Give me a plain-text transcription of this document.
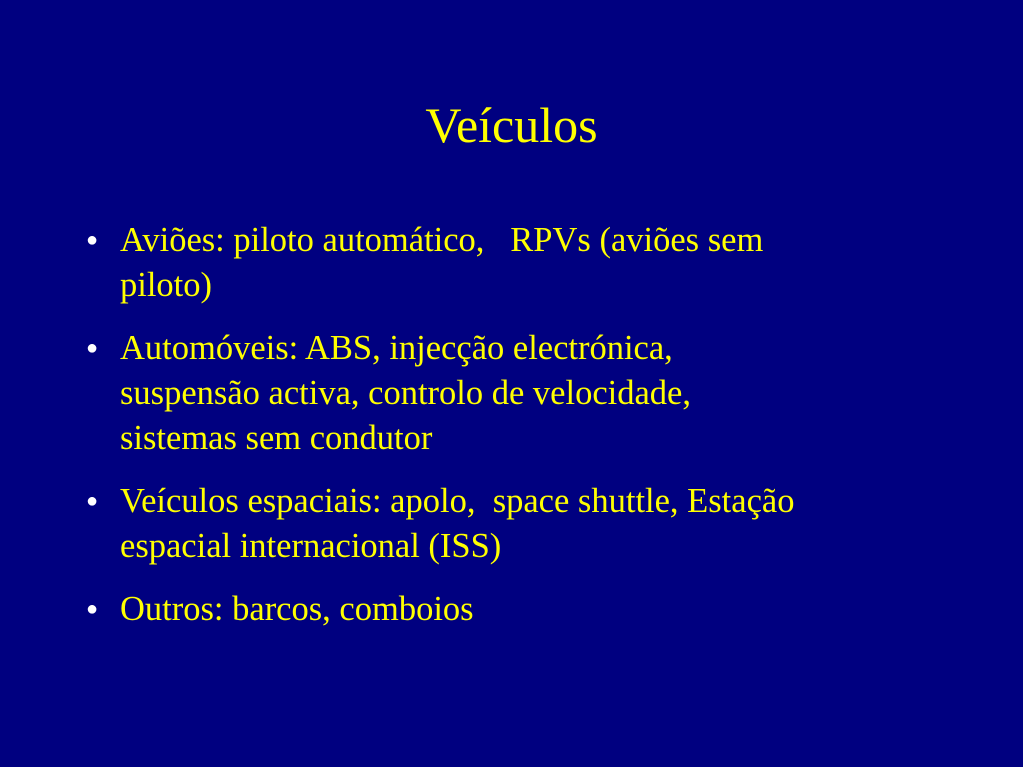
Veículos
● Aviões: piloto automático,   RPVs (aviões sem
piloto)
● Automóveis: ABS, injecção electrónica,
suspensão activa, controlo de velocidade,
sistemas sem condutor
● Veículos espaciais: apolo,  space shuttle, Estação
espacial internacional (ISS)
● Outros: barcos, comboios
